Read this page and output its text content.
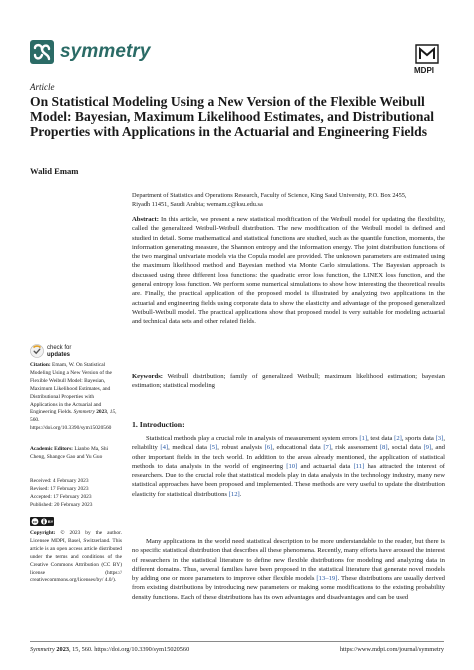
symmetry
MDPI
Article
On Statistical Modeling Using a New Version of the Flexible Weibull Model: Bayesian, Maximum Likelihood Estimates, and Distributional Properties with Applications in the Actuarial and Engineering Fields
Walid Emam
Department of Statistics and Operations Research, Faculty of Science, King Saud University, P.O. Box 2455,
Riyadh 11451, Saudi Arabia; wemam.c@ksu.edu.sa
Abstract: In this article, we present a new statistical modification of the Weibull model for updating the flexibility, called the generalized Weibull-Weibull distribution. The new modification of the Weibull model is defined and studied in detail. Some mathematical and statistical functions are studied, such as the quantile function, moments, the information generating measure, the Shannon entropy and the information energy. The joint distribution functions of the two marginal univariate models via the Copula model are provided. The unknown parameters are estimated using the maximum likelihood method and Bayesian method via Monte Carlo simulations. The Bayesian approach is discussed using three different loss functions: the quadratic error loss function, the LINEX loss function, and the general entropy loss function. We perform some numerical simulations to show how interesting the theoretical results are. Finally, the practical application of the proposed model is illustrated by analyzing two applications in the actuarial and engineering fields using corporate data to show the elasticity and advantage of the proposed generalized Weibull-Weibull model. The practical applications show that proposed model is very suitable for modeling actuarial and technical data sets and other related fields.
Keywords: Weibull distribution; family of generalized Weibull; maximum likelihood estimation; bayesian estimation; statistical modeling
check for
updates
Citation: Emam, W. On Statistical Modeling Using a New Version of the Flexible Weibull Model: Bayesian, Maximum Likelihood Estimates, and Distributional Properties with Applications in the Actuarial and Engineering Fields. Symmetry 2023, 15, 560. https://doi.org/10.3390/sym15020560
Academic Editors: Lianbo Ma, Shi Cheng, Shangce Gao and Yu Guo
Received: 4 February 2023
Revised: 17 February 2023
Accepted: 17 February 2023
Published: 20 February 2023
cc	BY
Copyright: © 2023 by the author. Licensee MDPI, Basel, Switzerland. This article is an open access article distributed under the terms and conditions of the Creative Commons Attribution (CC BY) license (https:// creativecommons.org/licenses/by/ 4.0/).
1. Introduction:
Statistical methods play a crucial role in analysis of measurement system errors [1], test data [2], sports data [3], reliability [4], medical data [5], robust analysis [6], educational data [7], risk assessment [8], social data [9], and other important fields in the tech world. In addition to the areas already mentioned, the application of statistical methods to data analysis in the world of engineering [10] and actuarial data [11] has attracted the interest of researchers. Due to the crucial role that statistical models play in data analysis in the technology industry, many new statistical approaches have been proposed and implemented. These methods are very useful to update the distribution elasticity for statistical distributions [12].
Many applications in the world need statistical description to be more understandable to the reader, but there is no specific statistical distribution that describes all these phenomena. Recently, many efforts have aroused the interest of researchers in the statistical literature to define new flexible distributions for modeling and analyzing data in different domains. Thus, several families have been proposed in the statistical literature that generate novel models by adding one or more parameters to improve other flexible models [13–19]. These distributions are usually derived from existing distributions by introducing new parameters or making some modifications to the existing probability density functions. Each of these distributions has its own advantages and disadvantages and can be used
Symmetry 2023, 15, 560. https://doi.org/10.3390/sym15020560	https://www.mdpi.com/journal/symmetry
